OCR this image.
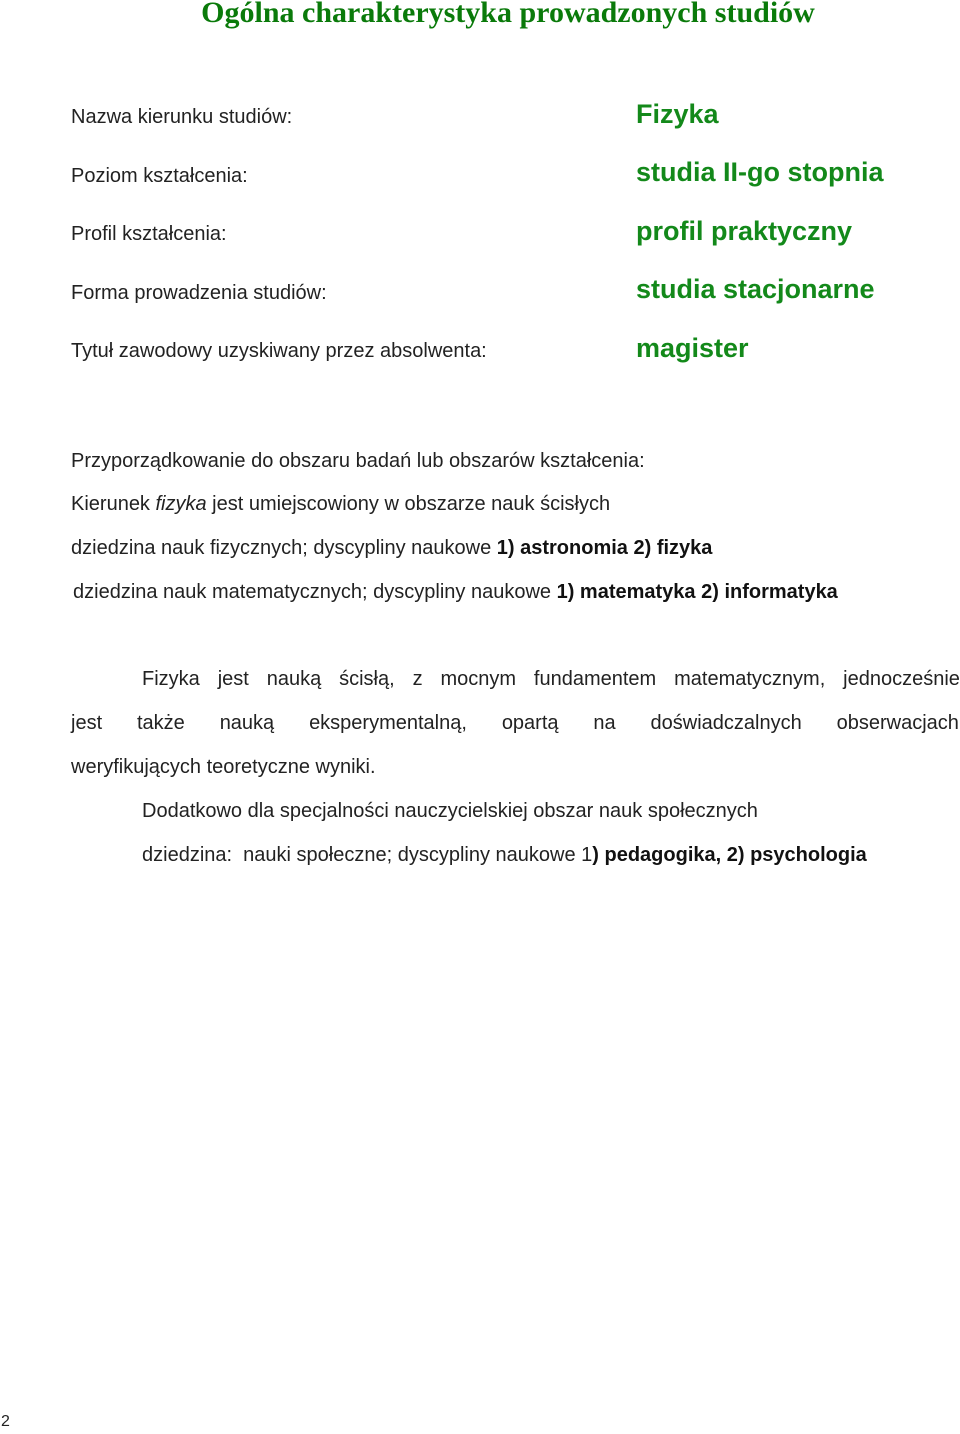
Ogólna charakterystyka prowadzonych studiów
Nazwa kierunku studiów:
Poziom kształcenia:
Profil kształcenia:
Forma prowadzenia studiów:
Tytuł zawodowy uzyskiwany przez absolwenta:
Fizyka
studia II-go stopnia
profil praktyczny
studia stacjonarne
magister
Przyporządkowanie do obszaru badań lub obszarów kształcenia:
Kierunek fizyka jest umiejscowiony w obszarze nauk ścisłych
dziedzina nauk fizycznych; dyscypliny naukowe 1) astronomia 2) fizyka
dziedzina nauk matematycznych; dyscypliny naukowe 1) matematyka 2) informatyka
Fizyka jest nauką ścisłą, z mocnym fundamentem matematycznym, jednocześnie
jest także nauką eksperymentalną, opartą na doświadczalnych obserwacjach
weryfikujących teoretyczne wyniki.
Dodatkowo dla specjalności nauczycielskiej obszar nauk społecznych
dziedzina:  nauki społeczne; dyscypliny naukowe 1) pedagogika, 2) psychologia
2
